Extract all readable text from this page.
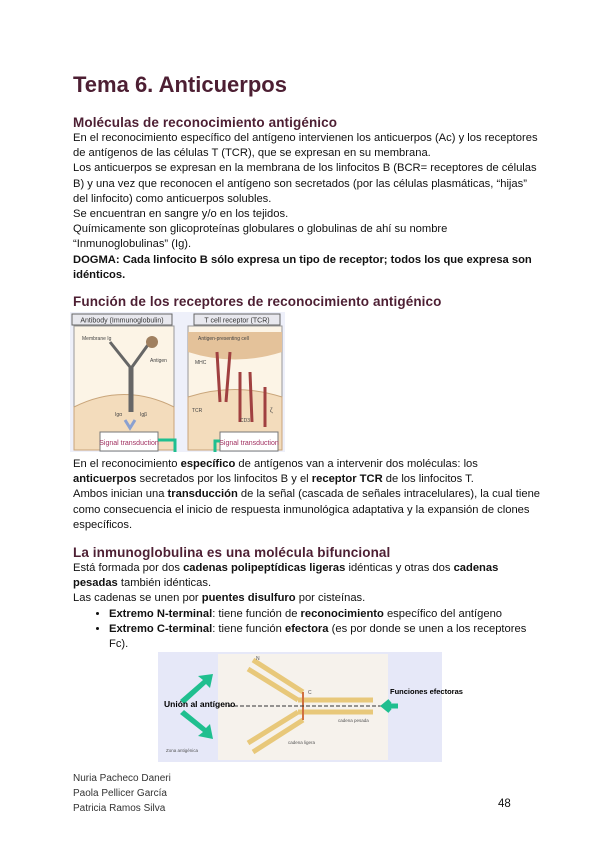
Tema 6. Anticuerpos
Moléculas de reconocimiento antigénico

En el reconocimiento específico del antígeno intervienen los anticuerpos (Ac) y los receptores de antígenos de las células T (TCR), que se expresan en su membrana.

Los anticuerpos se expresan en la membrana de los linfocitos B (BCR= receptores de células B) y una vez que reconocen el antígeno son secretados (por las células plasmáticas, “hijas” del linfocito) como anticuerpos solubles.

Se encuentran en sangre y/o en los tejidos.

Químicamente son glicoproteínas globulares o globulinas de ahí su nombre “Inmunoglobulinas” (Ig).

DOGMA: Cada linfocito B sólo expresa un tipo de receptor; todos los que expresa son idénticos.

Función de los receptores de reconocimiento antigénico
Antibody (Immunoglobulin)	T cell receptor (TCR)
Membrane Ig
Antigen
Antigen-presenting cell
MHC
Igα	Igβ
TCR
CD3
ζ
Signal transduction	Signal transduction

En el reconocimiento específico de antígenos van a intervenir dos moléculas: los anticuerpos secretados por los linfocitos B y el receptor TCR de los linfocitos T.

Ambos inician una transducción de la señal (cascada de señales intracelulares), la cual tiene como consecuencia el inicio de respuesta inmunológica adaptativa y la expansión de clones específicos.

La inmunoglobulina es una molécula bifuncional

Está formada por dos cadenas polipeptídicas ligeras idénticas y otras dos cadenas pesadas también idénticas.

Las cadenas se unen por puentes disulfuro por cisteínas.

• Extremo N-terminal: tiene función de reconocimiento específico del antígeno
• Extremo C-terminal: tiene función efectora (es por donde se unen a los receptores Fc).
Unión al antígeno
Funciones efectoras
cadena pesada
cadena ligera
Zona antigénica
N
C
Nuria Pacheco Daneri
Paola Pellicer García
Patricia Ramos Silva	48
